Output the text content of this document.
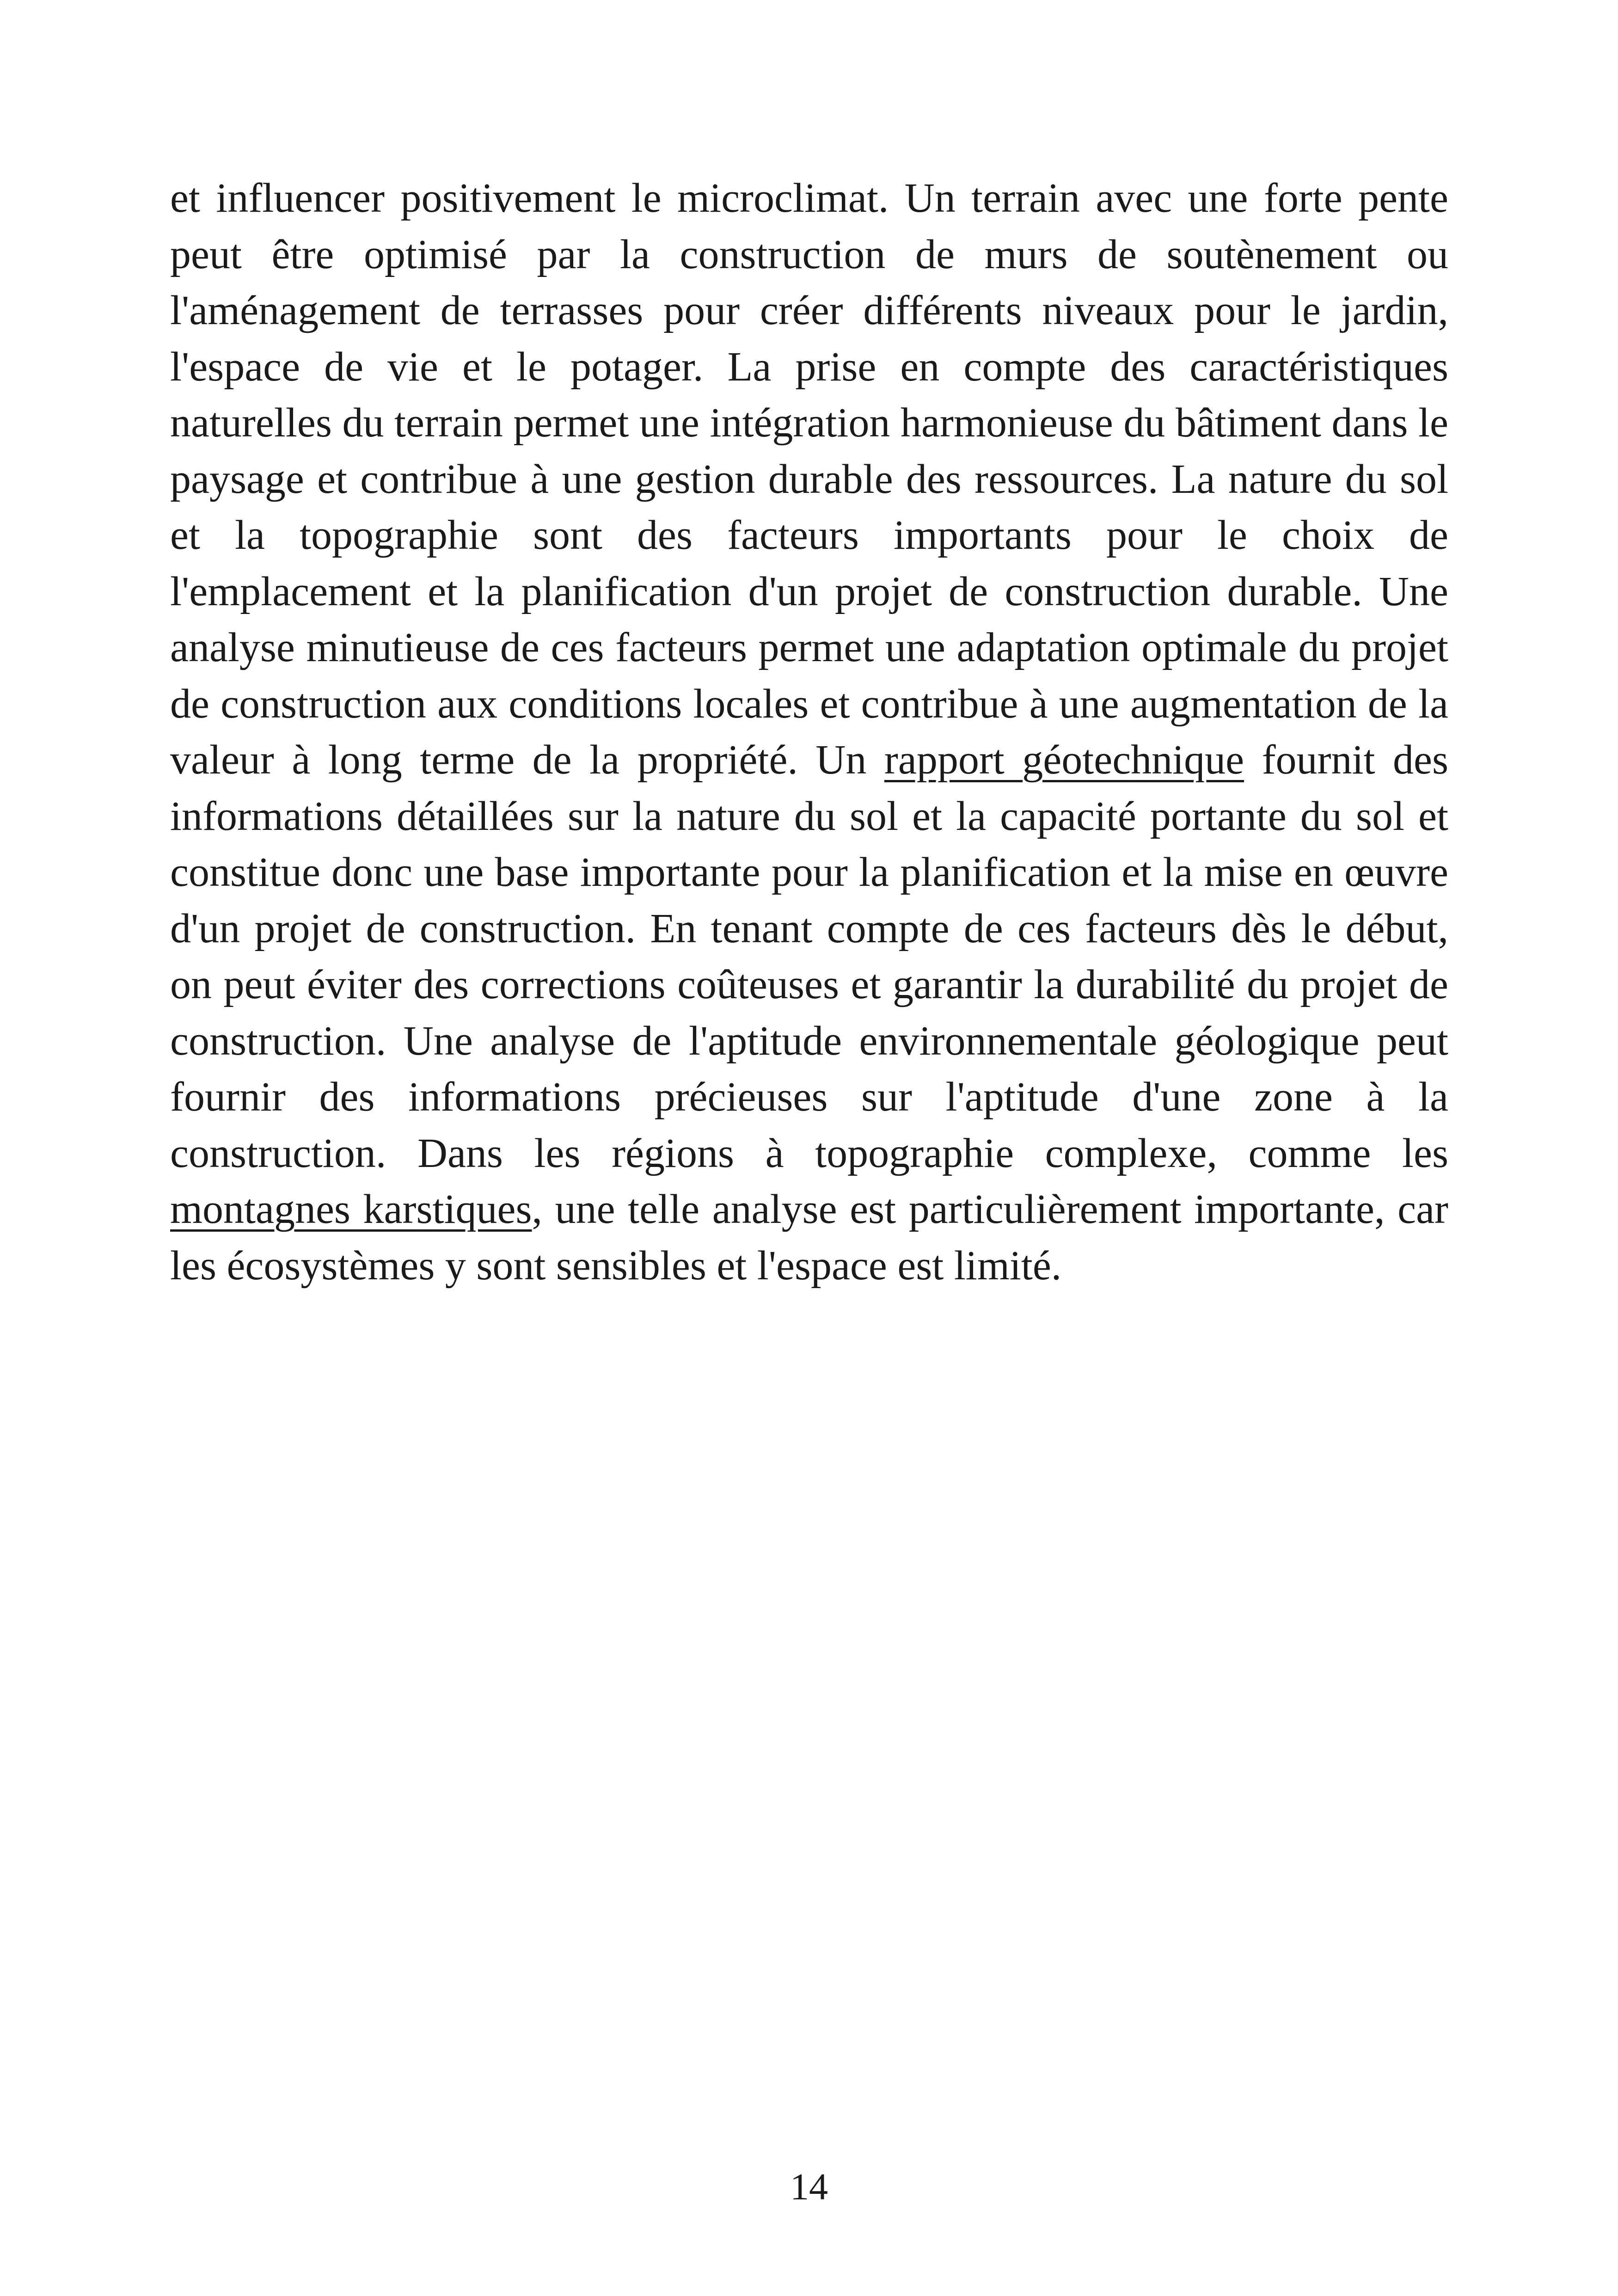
et influencer positivement le microclimat. Un terrain avec une forte pente peut être optimisé par la construction de murs de soutènement ou l'aménagement de terrasses pour créer différents niveaux pour le jardin, l'espace de vie et le potager. La prise en compte des caractéristiques naturelles du terrain permet une intégration harmonieuse du bâtiment dans le paysage et contribue à une gestion durable des ressources. La nature du sol et la topographie sont des facteurs importants pour le choix de l'emplacement et la planification d'un projet de construction durable. Une analyse minutieuse de ces facteurs permet une adaptation optimale du projet de construction aux conditions locales et contribue à une augmentation de la valeur à long terme de la propriété. Un rapport géotechnique fournit des informations détaillées sur la nature du sol et la capacité portante du sol et constitue donc une base importante pour la planification et la mise en œuvre d'un projet de construction. En tenant compte de ces facteurs dès le début, on peut éviter des corrections coûteuses et garantir la durabilité du projet de construction. Une analyse de l'aptitude environnementale géologique peut fournir des informations précieuses sur l'aptitude d'une zone à la construction. Dans les régions à topographie complexe, comme les montagnes karstiques, une telle analyse est particulièrement importante, car les écosystèmes y sont sensibles et l'espace est limité.

14
